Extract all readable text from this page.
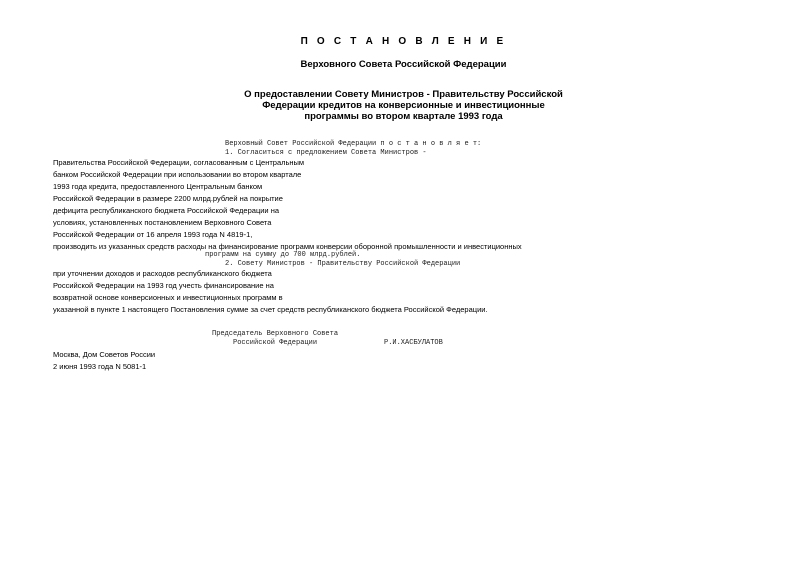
П О С Т А Н О В Л Е Н И Е
Верховного Совета Российской Федерации
О предоставлении Совету Министров - Правительству Российской
Федерации кредитов на конверсионные и инвестиционные
программы во втором квартале 1993 года
Верховный Совет Российской Федерации п о с т а н о в л я е т:
1. Согласиться с предложением Совета Министров -
Правительства Российской Федерации, согласованным с Центральным
банком Российской Федерации при использовании во втором квартале
1993 года кредита, предоставленного Центральным банком
Российской Федерации в размере 2200 млрд.рублей на покрытие
дефицита республиканского бюджета Российской Федерации на
условиях, установленных постановлением Верховного Совета
Российской Федерации от 16 апреля 1993 года N 4819-1,
производить из указанных средств расходы на финансирование программ конверсии оборонной промышленности и инвестиционных
программ на сумму до 700 млрд.рублей.
2. Совету Министров - Правительству Российской Федерации
при уточнении доходов и расходов республиканского бюджета
Российской Федерации на 1993 год учесть финансирование на
возвратной основе конверсионных и инвестиционных программ в
указанной в пункте 1 настоящего Постановления сумме за счет средств республиканского бюджета Российской Федерации.
Председатель Верховного Совета
Российской Федерации	Р.И.ХАСБУЛАТОВ
Москва, Дом Советов России
2 июня 1993 года N 5081-1
